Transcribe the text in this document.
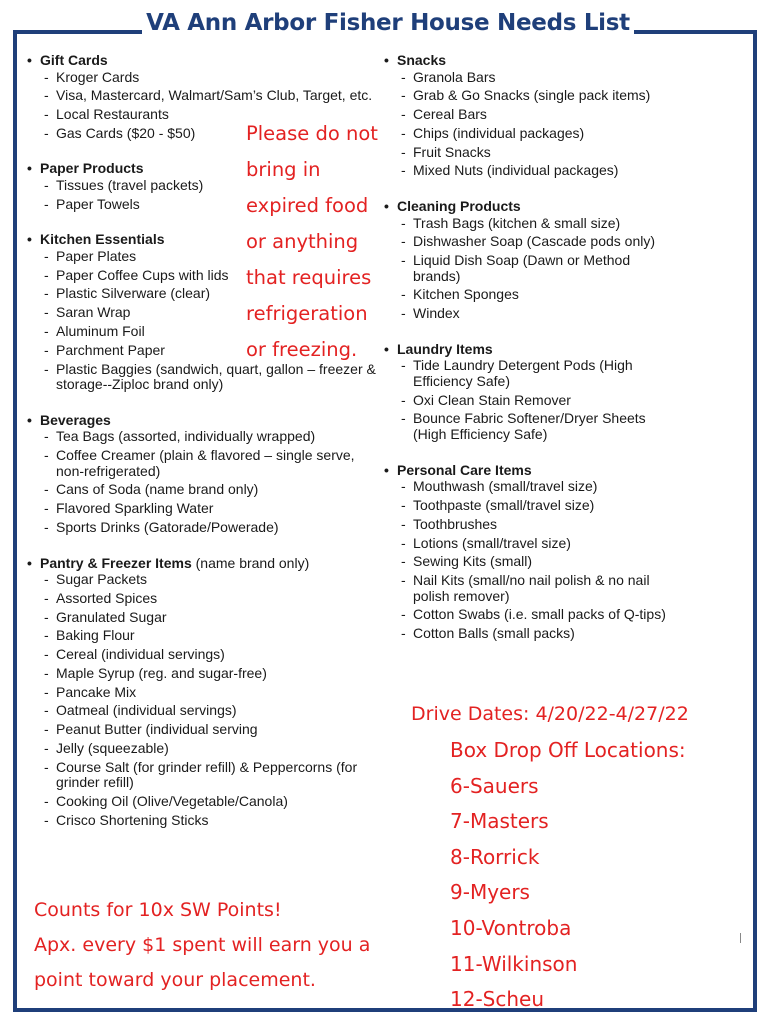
VA Ann Arbor Fisher House Needs List
• Gift Cards
- Kroger Cards
- Visa, Mastercard, Walmart/Sam’s Club, Target, etc.
- Local Restaurants
- Gas Cards ($20 - $50)
• Paper Products
- Tissues (travel packets)
- Paper Towels
• Kitchen Essentials
- Paper Plates
- Paper Coffee Cups with lids
- Plastic Silverware (clear)
- Saran Wrap
- Aluminum Foil
- Parchment Paper
- Plastic Baggies (sandwich, quart, gallon – freezer & storage--Ziploc brand only)
• Beverages
- Tea Bags (assorted, individually wrapped)
- Coffee Creamer (plain & flavored – single serve, non-refrigerated)
- Cans of Soda (name brand only)
- Flavored Sparkling Water
- Sports Drinks (Gatorade/Powerade)
• Pantry & Freezer Items (name brand only)
- Sugar Packets
- Assorted Spices
- Granulated Sugar
- Baking Flour
- Cereal (individual servings)
- Maple Syrup (reg. and sugar-free)
- Pancake Mix
- Oatmeal (individual servings)
- Peanut Butter (individual serving
- Jelly (squeezable)
- Course Salt (for grinder refill) & Peppercorns (for grinder refill)
- Cooking Oil (Olive/Vegetable/Canola)
- Crisco Shortening Sticks
• Snacks
- Granola Bars
- Grab & Go Snacks (single pack items)
- Cereal Bars
- Chips (individual packages)
- Fruit Snacks
- Mixed Nuts (individual packages)
• Cleaning Products
- Trash Bags (kitchen & small size)
- Dishwasher Soap (Cascade pods only)
- Liquid Dish Soap (Dawn or Method brands)
- Kitchen Sponges
- Windex
• Laundry Items
- Tide Laundry Detergent Pods (High Efficiency Safe)
- Oxi Clean Stain Remover
- Bounce Fabric Softener/Dryer Sheets (High Efficiency Safe)
• Personal Care Items
- Mouthwash (small/travel size)
- Toothpaste (small/travel size)
- Toothbrushes
- Lotions (small/travel size)
- Sewing Kits (small)
- Nail Kits (small/no nail polish & no nail polish remover)
- Cotton Swabs (i.e. small packs of Q-tips)
- Cotton Balls (small packs)
Please do not
bring in
expired food
or anything
that requires
refrigeration
or freezing.
Drive Dates: 4/20/22-4/27/22
Box Drop Off Locations:
6-Sauers
7-Masters
8-Rorrick
9-Myers
10-Vontroba
11-Wilkinson
12-Scheu
Counts for 10x SW Points!
Apx. every $1 spent will earn you a
point toward your placement.
